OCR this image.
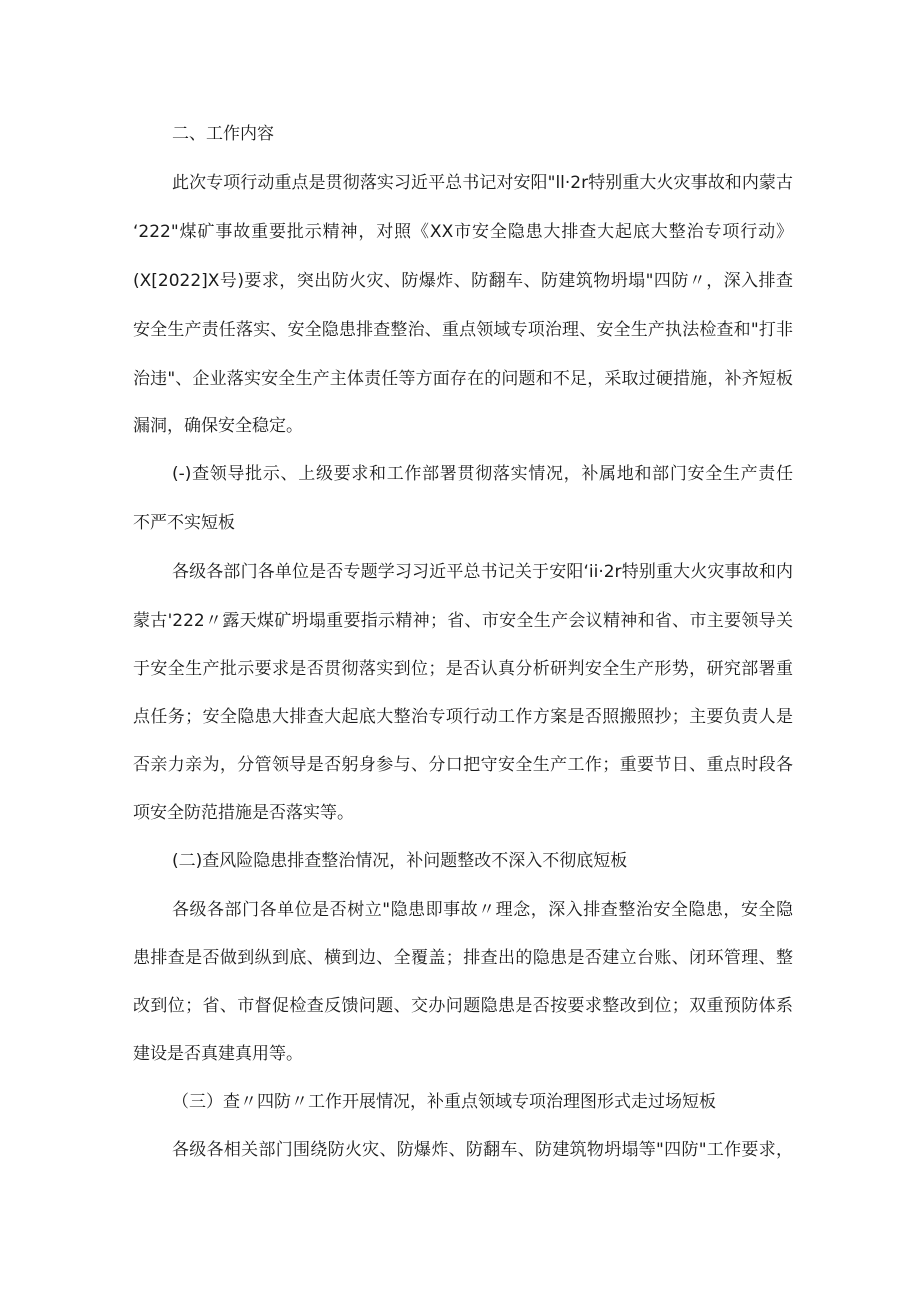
二、工作内容
此次专项行动重点是贯彻落实习近平总书记对安阳"ll·2r特别重大火灾事故和内蒙古
‘222"煤矿事故重要批示精神，对照《XX市安全隐患大排查大起底大整治专项行动》
(X[2022]X号)要求，突出防火灾、防爆炸、防翻车、防建筑物坍塌"四防〃，深入排查
安全生产责任落实、安全隐患排查整治、重点领域专项治理、安全生产执法检查和"打非
治违"、企业落实安全生产主体责任等方面存在的问题和不足，采取过硬措施，补齐短板
漏洞，确保安全稳定。
(-)查领导批示、上级要求和工作部署贯彻落实情况，补属地和部门安全生产责任
不严不实短板
各级各部门各单位是否专题学习习近平总书记关于安阳‘ii·2r特别重大火灾事故和内
蒙古'222〃露天煤矿坍塌重要指示精神；省、市安全生产会议精神和省、市主要领导关
于安全生产批示要求是否贯彻落实到位；是否认真分析研判安全生产形势，研究部署重
点任务；安全隐患大排查大起底大整治专项行动工作方案是否照搬照抄；主要负责人是
否亲力亲为，分管领导是否躬身参与、分口把守安全生产工作；重要节日、重点时段各
项安全防范措施是否落实等。
(二)查风险隐患排查整治情况，补问题整改不深入不彻底短板
各级各部门各单位是否树立"隐患即事故〃理念，深入排查整治安全隐患，安全隐
患排查是否做到纵到底、横到边、全覆盖；排查出的隐患是否建立台账、闭环管理、整
改到位；省、市督促检查反馈问题、交办问题隐患是否按要求整改到位；双重预防体系
建设是否真建真用等。
（三）查〃四防〃工作开展情况，补重点领域专项治理图形式走过场短板
各级各相关部门围绕防火灾、防爆炸、防翻车、防建筑物坍塌等"四防"工作要求，
